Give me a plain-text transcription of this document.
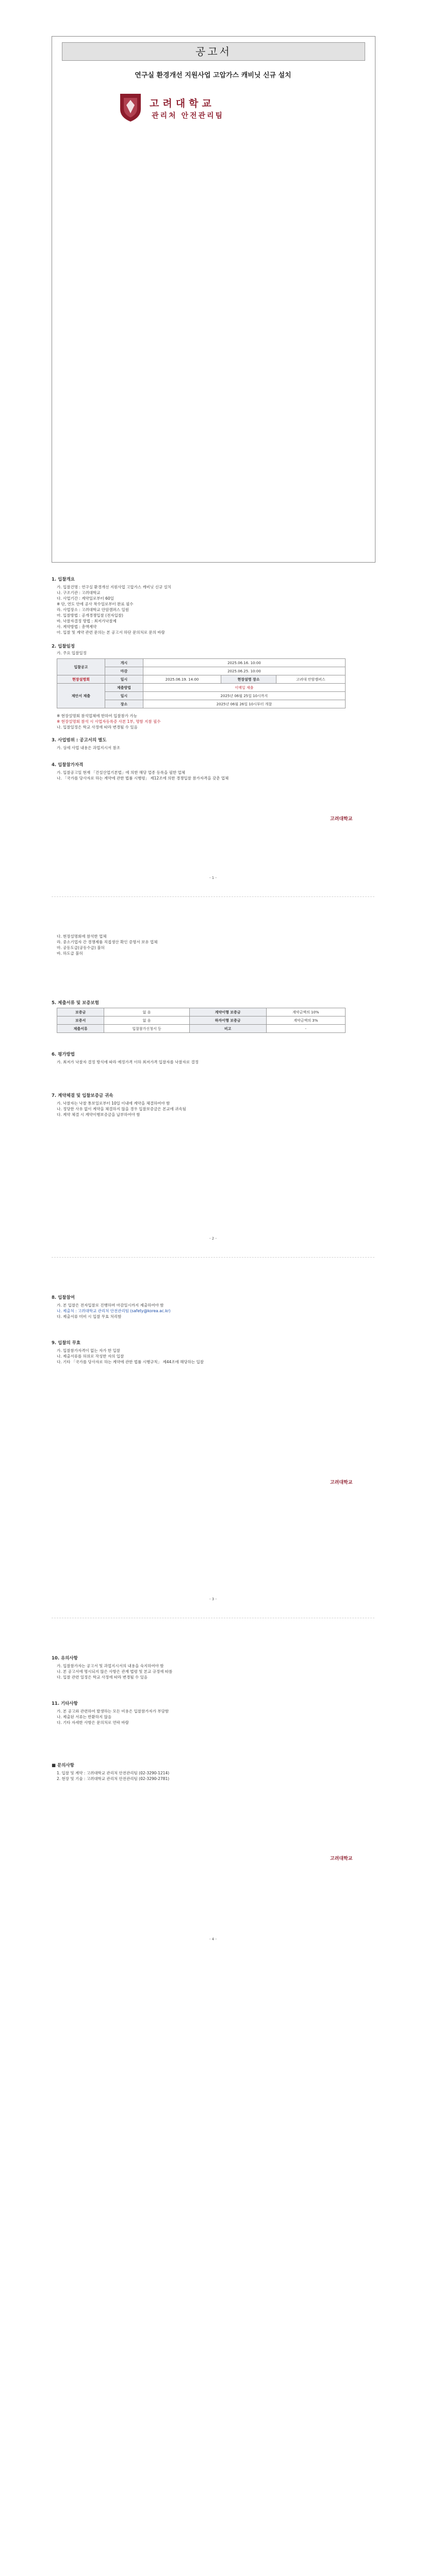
공고서
연구실 환경개선 지원사업 고압가스 캐비닛 신규 설치
고려대학교
관리처 안전관리팀
1. 입찰개요
가. 입찰건명 : 연구실 환경개선 지원사업 고압가스 캐비닛 신규 설치
나. 구조기관 : 고려대학교
다. 사업기간 : 계약일로부터 60일
※ 단, 연도 안에 공사 착수일로부터 완료 필수
라. 사업장소 : 고려대학교 안암캠퍼스 일원
마. 입찰방법 : 공개경쟁입찰 (전자입찰)
바. 낙찰자결정 방법 : 최저가낙찰제
사. 계약방법 : 총액계약
아. 입찰 및 계약 관련 문의는 본 공고서 하단 문의처로 문의 바람
2. 입찰일정
가. 주요 입찰일정
입찰공고	개시	2025.06.16. 10:00		
	마감	2025.06.25. 10:00		
현장설명회	일시	2025.06.19. 14:00	현장설명 장소	고려대 안암캠퍼스
제안서 제출	제출방법	이메일 제출		
	일시	2025년 06월 25일 10시까지		
	장소	2025년 06월 26일 10시부터 개찰		
※ 현장설명회 참석업체에 한하여 입찰참가 가능
※ 현장설명회 참석 시 사업자등록증 사본 1부, 명함 지참 필수
나. 입찰일정은 학교 사정에 따라 변경될 수 있음
3. 사업범위 : 공고서의 별도
가. 상세 사업 내용은 과업지시서 참조
4. 입찰참가자격
가. 입찰공고일 현재 「건설산업기본법」에 의한 해당 업종 등록을 필한 업체
나. 「국가를 당사자로 하는 계약에 관한 법률 시행령」 제12조에 의한 경쟁입찰 참가자격을 갖춘 업체
고려대학교
- 1 -
다. 현장설명회에 참석한 업체
라. 중소기업자 간 경쟁제품 직접생산 확인 증명서 보유 업체
마. 공동도급(공동수급) 불허
바. 하도급 불허
5. 제출서류 및 보증보험
보증금	없 음	계약이행 보증금	계약금액의 10%
보증서	없 음	하자이행 보증금	계약금액의 3%
제출서류	입찰참가신청서 등	비고	-
6. 평가방법
가. 최저가 낙찰자 결정 방식에 따라 예정가격 이하 최저가격 입찰자를 낙찰자로 결정
7. 계약체결 및 입찰보증금 귀속
가. 낙찰자는 낙찰 통보일로부터 10일 이내에 계약을 체결하여야 함
나. 정당한 사유 없이 계약을 체결하지 않을 경우 입찰보증금은 본교에 귀속됨
다. 계약 체결 시 계약이행보증금을 납부하여야 함
- 2 -
8. 입찰참여
가. 본 입찰은 전자입찰로 진행하며 마감일시까지 제출하여야 함
나. 제출처 : 고려대학교 관리처 안전관리팀 (safety@korea.ac.kr)
다. 제출서류 미비 시 입찰 무효 처리함
9. 입찰의 무효
가. 입찰참가자격이 없는 자가 한 입찰
나. 제출서류를 허위로 작성한 자의 입찰
다. 기타 「국가를 당사자로 하는 계약에 관한 법률 시행규칙」 제44조에 해당하는 입찰
고려대학교
- 3 -
10. 유의사항
가. 입찰참가자는 공고서 및 과업지시서의 내용을 숙지하여야 함
나. 본 공고서에 명시되지 않은 사항은 관계 법령 및 본교 규정에 따름
다. 입찰 관련 일정은 학교 사정에 따라 변경될 수 있음
11. 기타사항
가. 본 공고와 관련하여 발생하는 모든 비용은 입찰참가자가 부담함
나. 제출된 서류는 반환하지 않음
다. 기타 자세한 사항은 문의처로 연락 바람
■ 문의사항
1. 입찰 및 계약 : 고려대학교 관리처 안전관리팀 (02-3290-1214)
2. 현장 및 기술 : 고려대학교 관리처 안전관리팀 (02-3290-2781)
고려대학교
- 4 -
